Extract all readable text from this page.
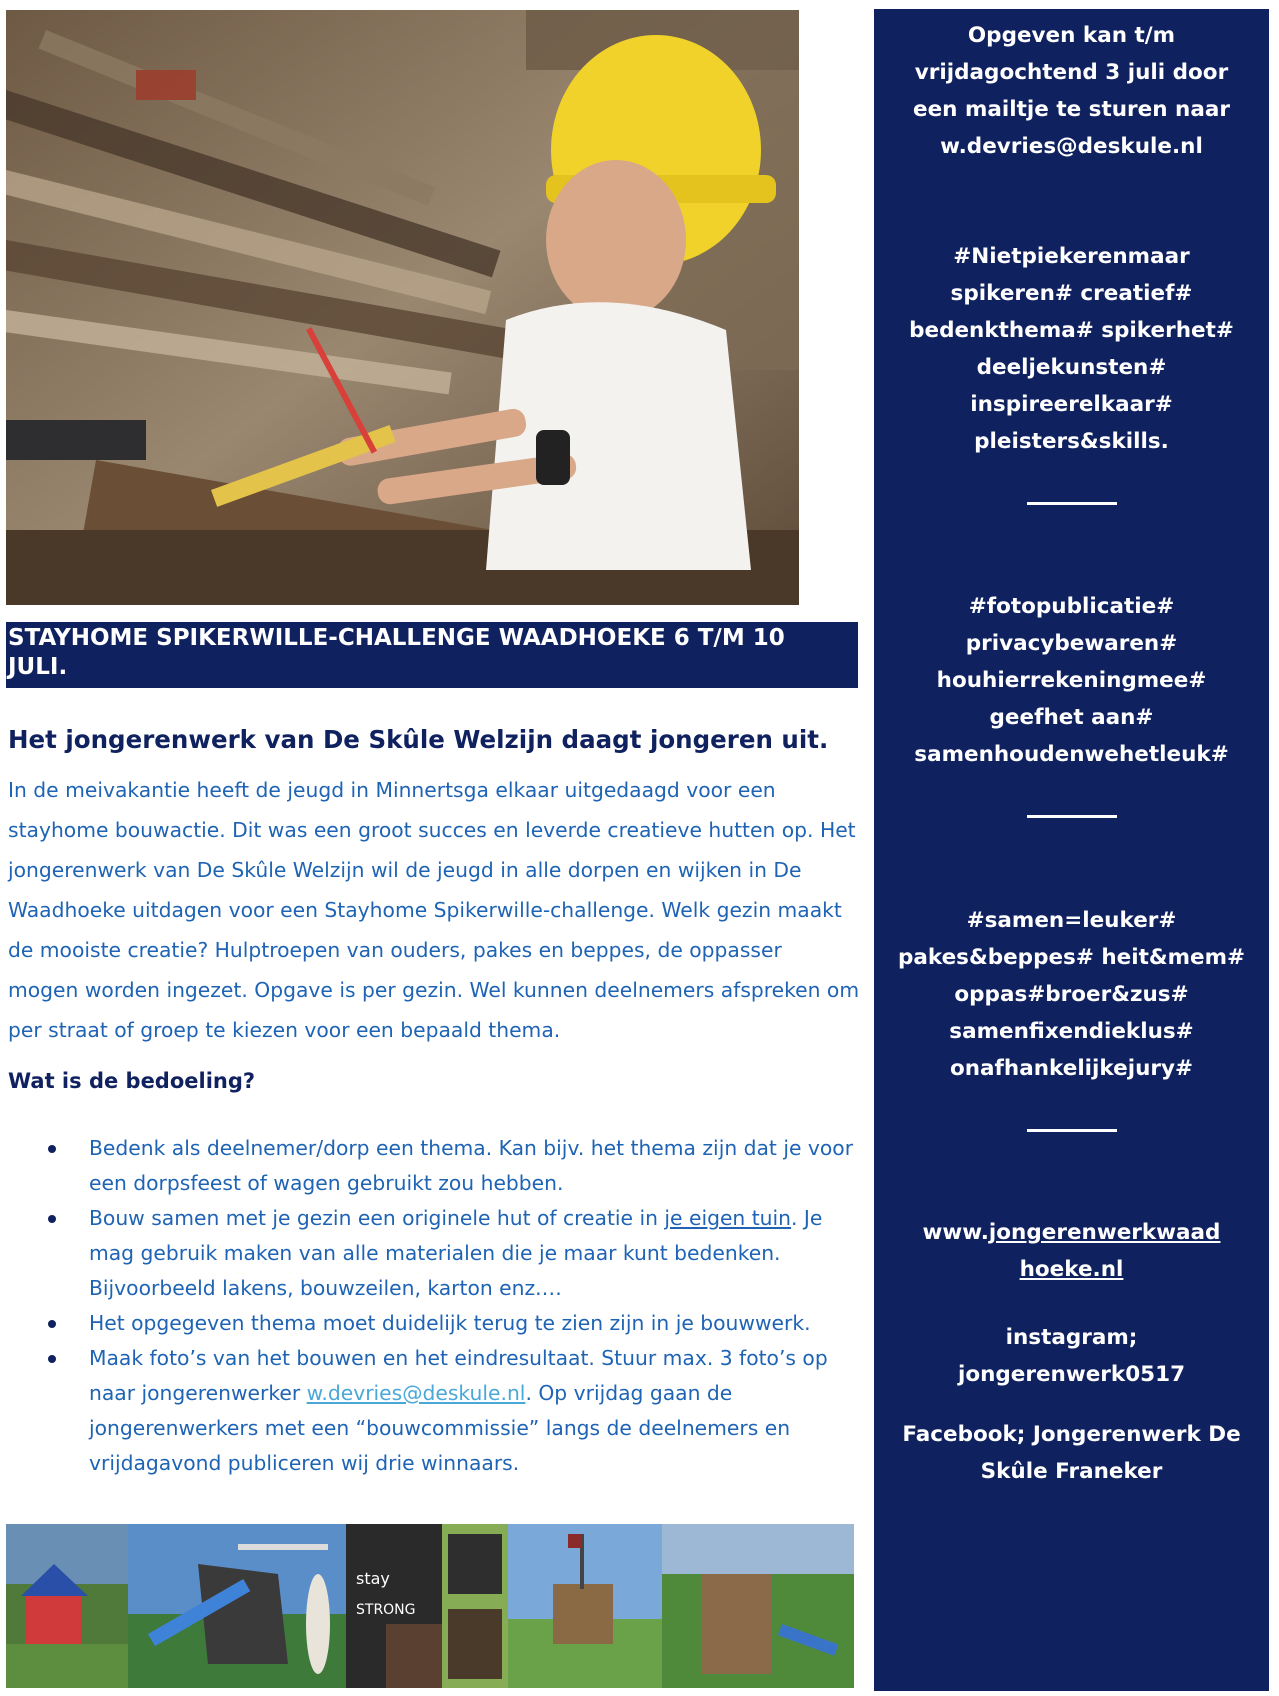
STAYHOME SPIKERWILLE-CHALLENGE WAADHOEKE 6 T/M 10
JULI.
Het jongerenwerk van De Skûle Welzijn daagt jongeren uit.
In de meivakantie heeft de jeugd in Minnertsga elkaar uitgedaagd voor een
stayhome bouwactie. Dit was een groot succes en leverde creatieve hutten op. Het
jongerenwerk van De Skûle Welzijn wil de jeugd in alle dorpen en wijken in De
Waadhoeke uitdagen voor een Stayhome Spikerwille-challenge. Welk gezin maakt
de mooiste creatie? Hulptroepen van ouders, pakes en beppes, de oppasser
mogen worden ingezet. Opgave is per gezin. Wel kunnen deelnemers afspreken om
per straat of groep te kiezen voor een bepaald thema.
Wat is de bedoeling?
Bedenk als deelnemer/dorp een thema. Kan bijv. het thema zijn dat je voor
een dorpsfeest of wagen gebruikt zou hebben.
Bouw samen met je gezin een originele hut of creatie in je eigen tuin. Je
mag gebruik maken van alle materialen die je maar kunt bedenken.
Bijvoorbeeld lakens, bouwzeilen, karton enz.…
Het opgegeven thema moet duidelijk terug te zien zijn in je bouwwerk.
Maak foto’s van het bouwen en het eindresultaat. Stuur max. 3 foto’s op
naar jongerenwerker w.devries@deskule.nl. Op vrijdag gaan de
jongerenwerkers met een “bouwcommissie” langs de deelnemers en
vrijdagavond publiceren wij drie winnaars.
stay
STRONG
Opgeven kan t/m
vrijdagochtend 3 juli door
een mailtje te sturen naar
w.devries@deskule.nl
#Nietpiekerenmaar
spikeren# creatief#
bedenkthema# spikerhet#
deeljekunsten#
inspireerelkaar#
pleisters&skills.
#fotopublicatie#
privacybewaren#
houhierrekeningmee#
geefhet aan#
samenhoudenwehetleuk#
#samen=leuker#
pakes&beppes# heit&mem#
oppas#broer&zus#
samenfixendieklus#
onafhankelijkejury#
www.jongerenwerkwaad
hoeke.nl
instagram;
jongerenwerk0517
Facebook; Jongerenwerk De
Skûle Franeker
